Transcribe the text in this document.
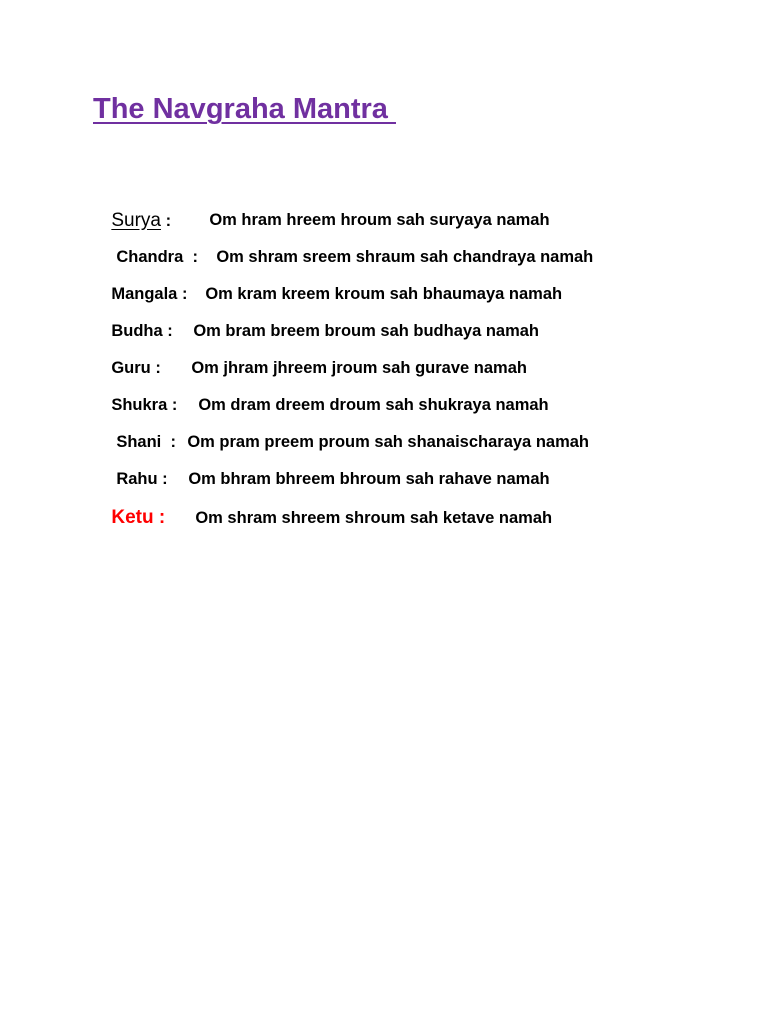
The Navgraha Mantra

Surya :
	Om hram hreem hroum sah suryaya namah

Chandra  :
	Om shram sreem shraum sah chandraya namah

Mangala :
	Om kram kreem kroum sah bhaumaya namah

Budha :
	Om bram breem broum sah budhaya namah

Guru :
	Om jhram jhreem jroum sah gurave namah

Shukra :
	Om dram dreem droum sah shukraya namah

Shani  :
Om pram preem proum sah shanaischaraya namah

Rahu :
	Om bhram bhreem bhroum sah rahave namah

Ketu :
	Om shram shreem shroum sah ketave namah
